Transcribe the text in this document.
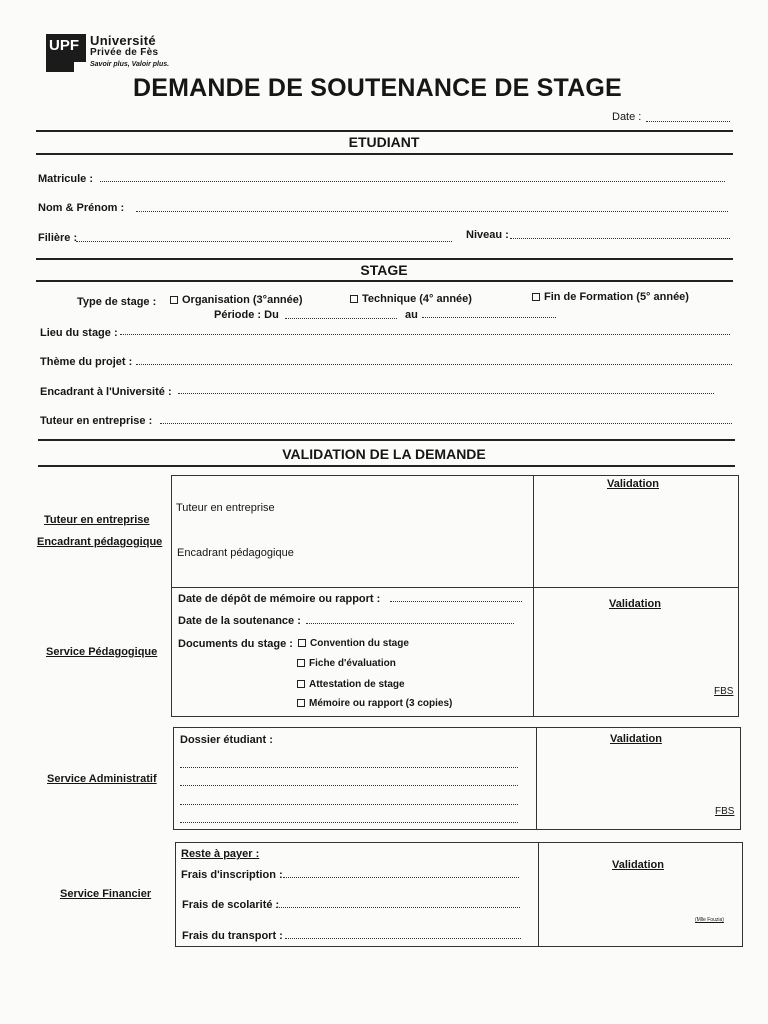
UPF Université
Privée de Fès
Savoir plus, Valoir plus.
DEMANDE DE SOUTENANCE DE STAGE
Date :
ETUDIANT
Matricule :
Nom & Prénom :
Filière :	Niveau :
STAGE
Type de stage :	Organisation (3°année)	Technique (4° année)	Fin de Formation (5° année)
Période : Du	au
Lieu du stage :
Thème du projet :
Encadrant à l'Université :
Tuteur en entreprise :
VALIDATION DE LA DEMANDE
Tuteur en entreprise
Encadrant pédagogique
Tuteur en entreprise
Encadrant pédagogique
Validation
Service Pédagogique
Date de dépôt de mémoire ou rapport :
Date de la soutenance :
Documents du stage :	Convention du stage
Fiche d'évaluation
Attestation de stage
Mémoire ou rapport (3 copies)
Validation
FBS
Service Administratif
Dossier étudiant :	Validation
FBS
Service Financier
Reste à payer :
Frais d'inscription :
Frais de scolarité :
Frais du transport :
Validation
(Mlle Fouzia)
